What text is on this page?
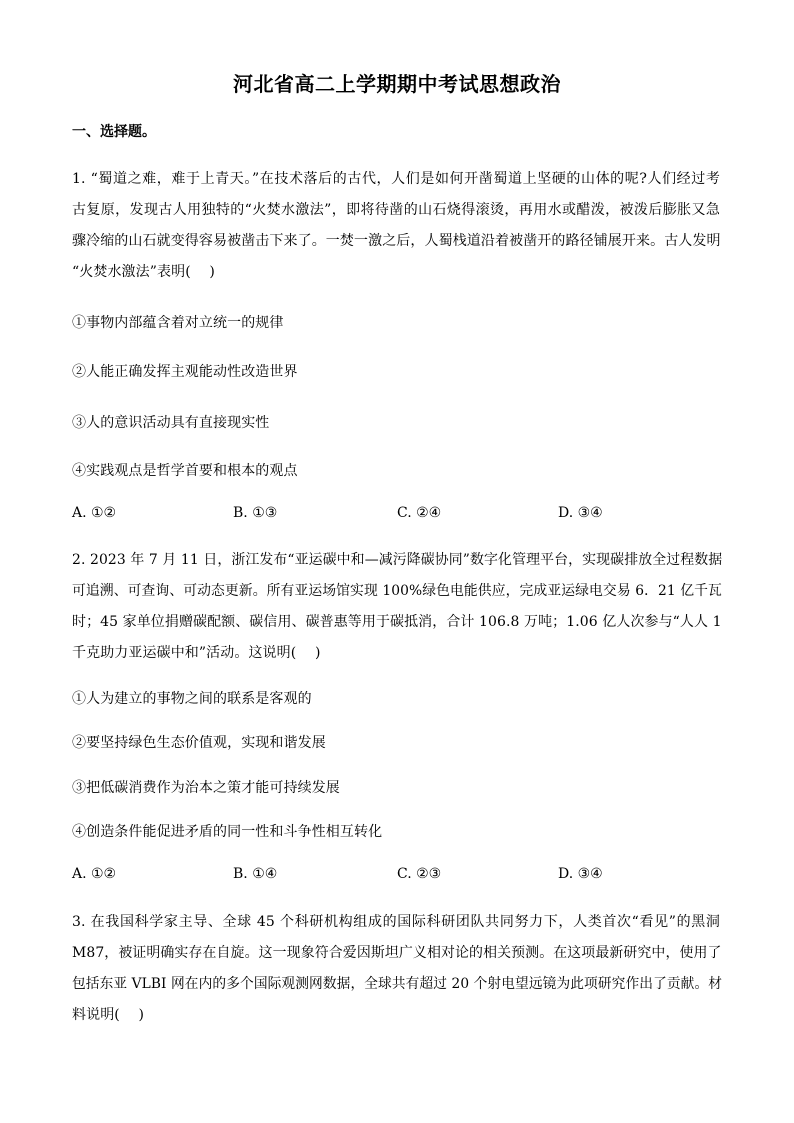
河北省高二上学期期中考试思想政治
一、选择题。
1. “蜀道之难，难于上青天。”在技术落后的古代，人们是如何开凿蜀道上坚硬的山体的呢?人们经过考
古复原，发现古人用独特的“火焚水激法”，即将待凿的山石烧得滚烫，再用水或醋泼，被泼后膨胀又急
骤冷缩的山石就变得容易被凿击下来了。一焚一激之后，人蜀栈道沿着被凿开的路径铺展开来。古人发明
“火焚水激法”表明(　 )
①事物内部蕴含着对立统一的规律
②人能正确发挥主观能动性改造世界
③人的意识活动具有直接现实性
④实践观点是哲学首要和根本的观点
A. ①②	B. ①③	C. ②④	D. ③④
2. 2023 年 7 月 11 日，浙江发布“亚运碳中和—减污降碳协同”数字化管理平台，实现碳排放全过程数据
可追溯、可查询、可动态更新。所有亚运场馆实现 100%绿色电能供应，完成亚运绿电交易 6．21 亿千瓦
时；45 家单位捐赠碳配额、碳信用、碳普惠等用于碳抵消，合计 106.8 万吨；1.06 亿人次参与“人人 1
千克助力亚运碳中和”活动。这说明(　 )
①人为建立的事物之间的联系是客观的
②要坚持绿色生态价值观，实现和谐发展
③把低碳消费作为治本之策才能可持续发展
④创造条件能促进矛盾的同一性和斗争性相互转化
A. ①②	B. ①④	C. ②③	D. ③④
3. 在我国科学家主导、全球 45 个科研机构组成的国际科研团队共同努力下，人类首次“看见”的黑洞
M87，被证明确实存在自旋。这一现象符合爱因斯坦广义相对论的相关预测。在这项最新研究中，使用了
包括东亚 VLBI 网在内的多个国际观测网数据，全球共有超过 20 个射电望远镜为此项研究作出了贡献。材
料说明(　 )
